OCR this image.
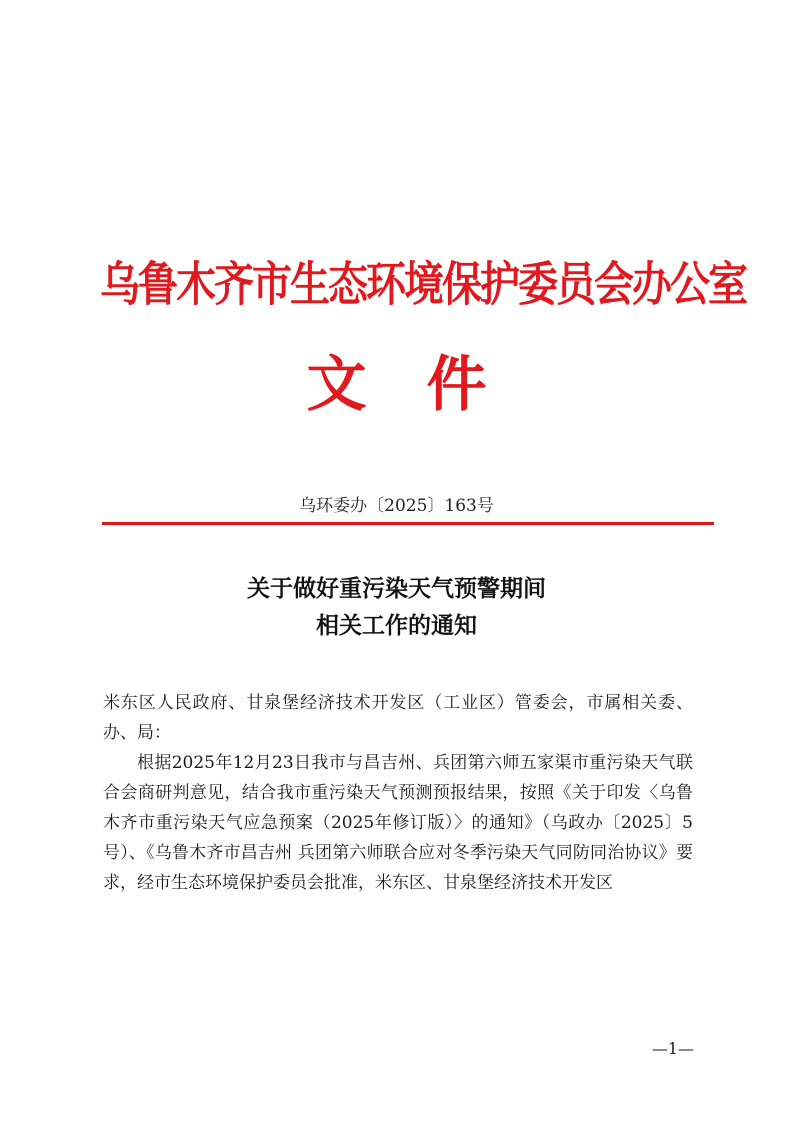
乌鲁木齐市生态环境保护委员会办公室
文件
乌环委办〔2025〕163号
关于做好重污染天气预警期间
相关工作的通知

米东区人民政府、甘泉堡经济技术开发区（工业区）管委会，市属相关委、办、局：

根据2025年12月23日我市与昌吉州、兵团第六师五家渠市重污染天气联合会商研判意见，结合我市重污染天气预测预报结果，按照《关于印发〈乌鲁木齐市重污染天气应急预案（2025年修订版）〉的通知》（乌政办〔2025〕5号）、《乌鲁木齐市昌吉州 兵团第六师联合应对冬季污染天气同防同治协议》要求，经市生态环境保护委员会批准，米东区、甘泉堡经济技术开发区

—1—
